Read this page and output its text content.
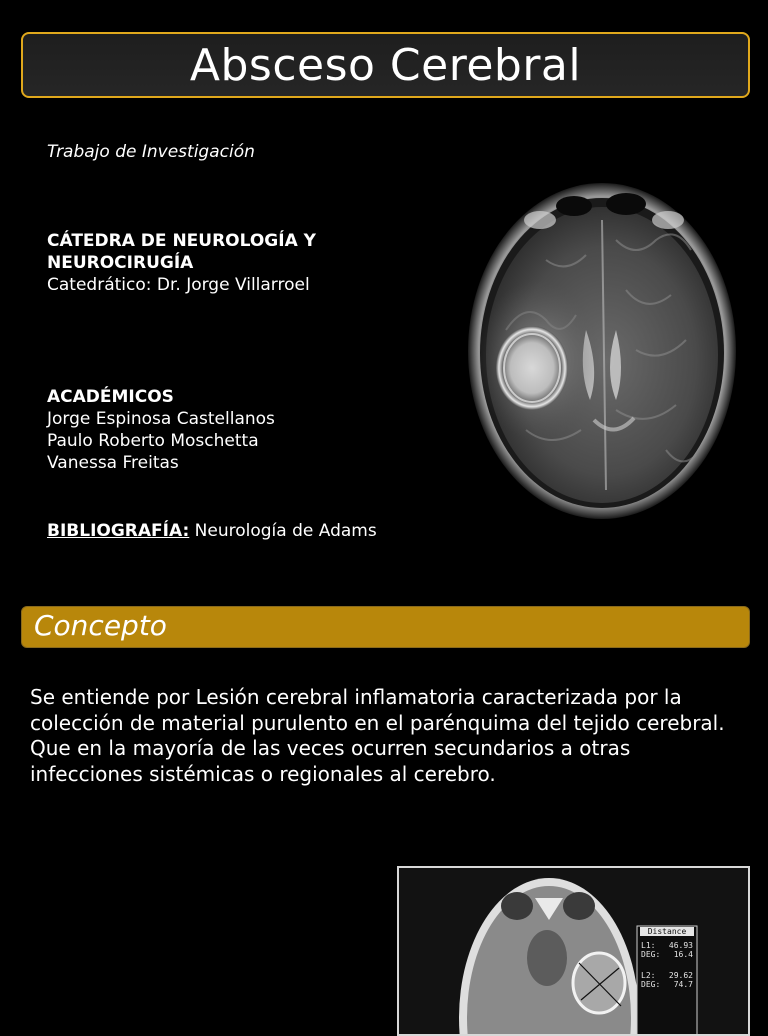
Absceso Cerebral
Trabajo de Investigación
CÁTEDRA DE NEUROLOGÍA Y
NEUROCIRUGÍA
Catedrático: Dr. Jorge Villarroel
ACADÉMICOS
Jorge Espinosa Castellanos
Paulo Roberto Moschetta
Vanessa Freitas
BIBLIOGRAFÍA: Neurología de Adams
Concepto
Se entiende por Lesión cerebral inflamatoria caracterizada por la colección de material purulento en el parénquima del tejido cerebral. Que en la mayoría de las veces ocurren secundarios a otras infecciones sistémicas o regionales al cerebro.
Distance
L1: 46.93
DEG: 16.4
L2: 29.62
DEG: 74.7
